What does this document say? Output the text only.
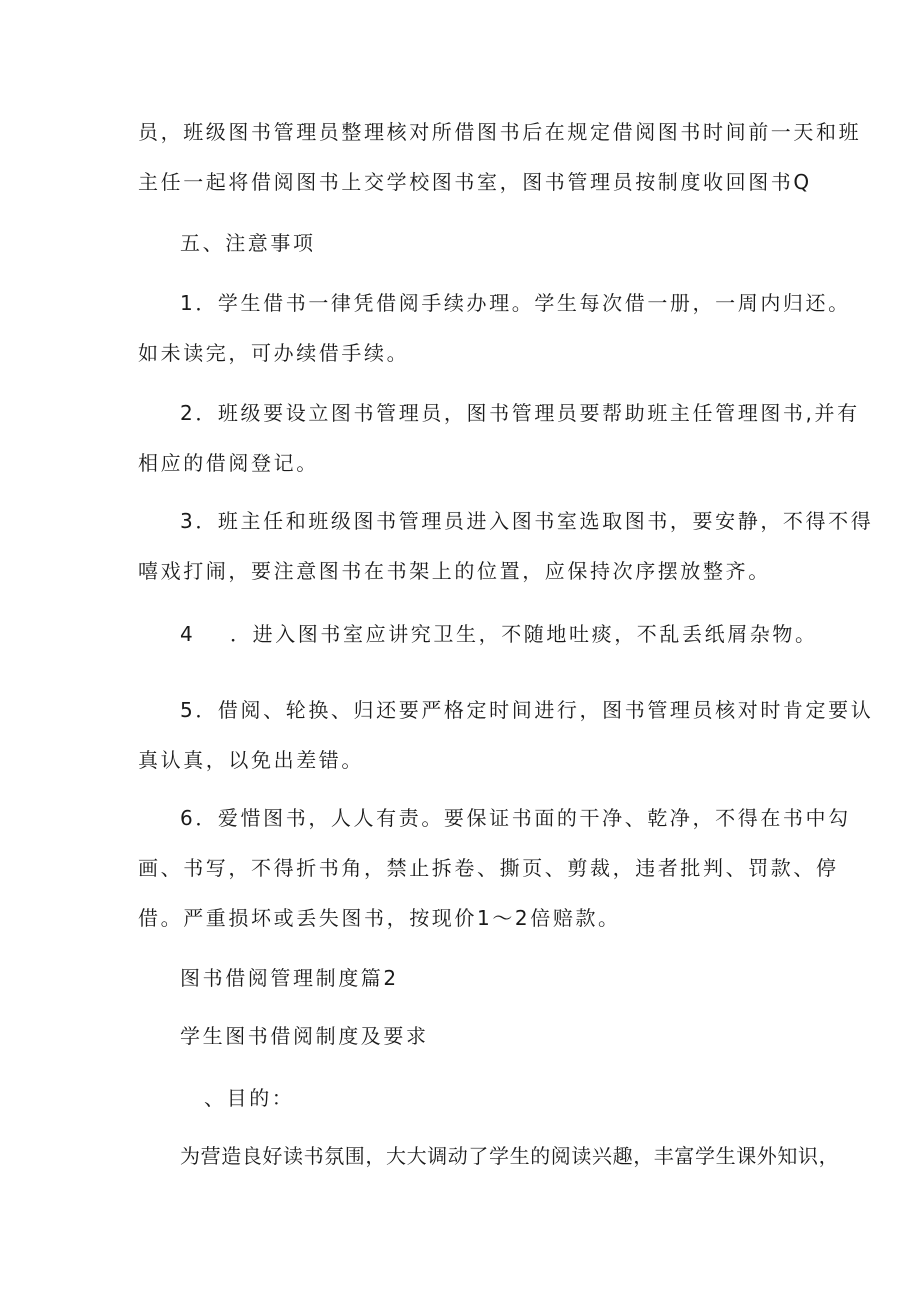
员，班级图书管理员整理核对所借图书后在规定借阅图书时间前一天和班
主任一起将借阅图书上交学校图书室，图书管理员按制度收回图书Q
五、注意事项
1．学生借书一律凭借阅手续办理。学生每次借一册，一周内归还。
如未读完，可办续借手续。
2．班级要设立图书管理员，图书管理员要帮助班主任管理图书,并有
相应的借阅登记。
3．班主任和班级图书管理员进入图书室选取图书，要安静，不得不得
嘻戏打闹，要注意图书在书架上的位置，应保持次序摆放整齐。
4 ．进入图书室应讲究卫生，不随地吐痰，不乱丢纸屑杂物。
5．借阅、轮换、归还要严格定时间进行，图书管理员核对时肯定要认
真认真，以免出差错。
6．爱惜图书，人人有责。要保证书面的干净、乾净，不得在书中勾
画、书写，不得折书角，禁止拆卷、撕页、剪裁，违者批判、罚款、停
借。严重损坏或丢失图书，按现价1～2倍赔款。
图书借阅管理制度篇2
学生图书借阅制度及要求
、目的：
为营造良好读书氛围，大大调动了学生的阅读兴趣，丰富学生课外知识，
